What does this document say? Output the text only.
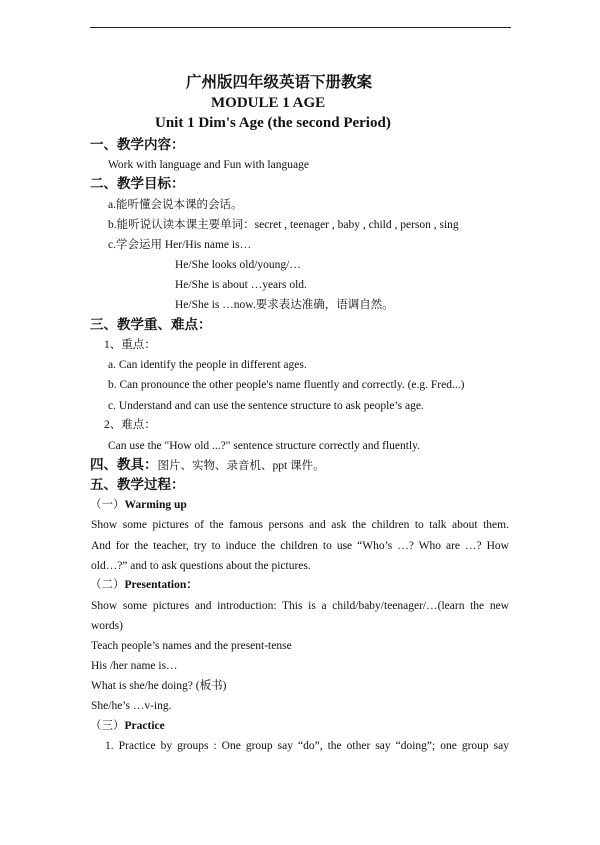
广州版四年级英语下册教案
MODULE 1 AGE
Unit 1 Dim's Age (the second Period)
一、教学内容：
Work with language and Fun with language
二、教学目标：
a.能听懂会说本课的会话。
b.能听说认读本课主要单词：secret , teenager , baby , child , person , sing
c.学会运用 Her/His name is…
He/She looks old/young/…
He/She is about …years old.
He/She is …now.要求表达准确，语调自然。
三、教学重、难点：
1、重点：
a. Can identify the people in different ages.
b. Can pronounce the other people's name fluently and correctly. (e.g. Fred...)
c. Understand and can use the sentence structure to ask people’s age.
2、难点：
Can use the "How old ...?" sentence structure correctly and fluently.
四、教具：图片、实物、录音机、ppt 课件。
五、教学过程：
（一）Warming up
Show some pictures of the famous persons and ask the children to talk about them.
And for the teacher, try to induce the children to use “Who’s …? Who are …? How
old…?” and to ask questions about the pictures.
（二）Presentation：
Show some pictures and introduction: This is a child/baby/teenager/…(learn the new
words)
Teach people’s names and the present-tense
His /her name is…
What is she/he doing? (板书)
She/he’s …v-ing.
（三）Practice
1. Practice by groups : One group say “do”, the other say “doing”; one group say
